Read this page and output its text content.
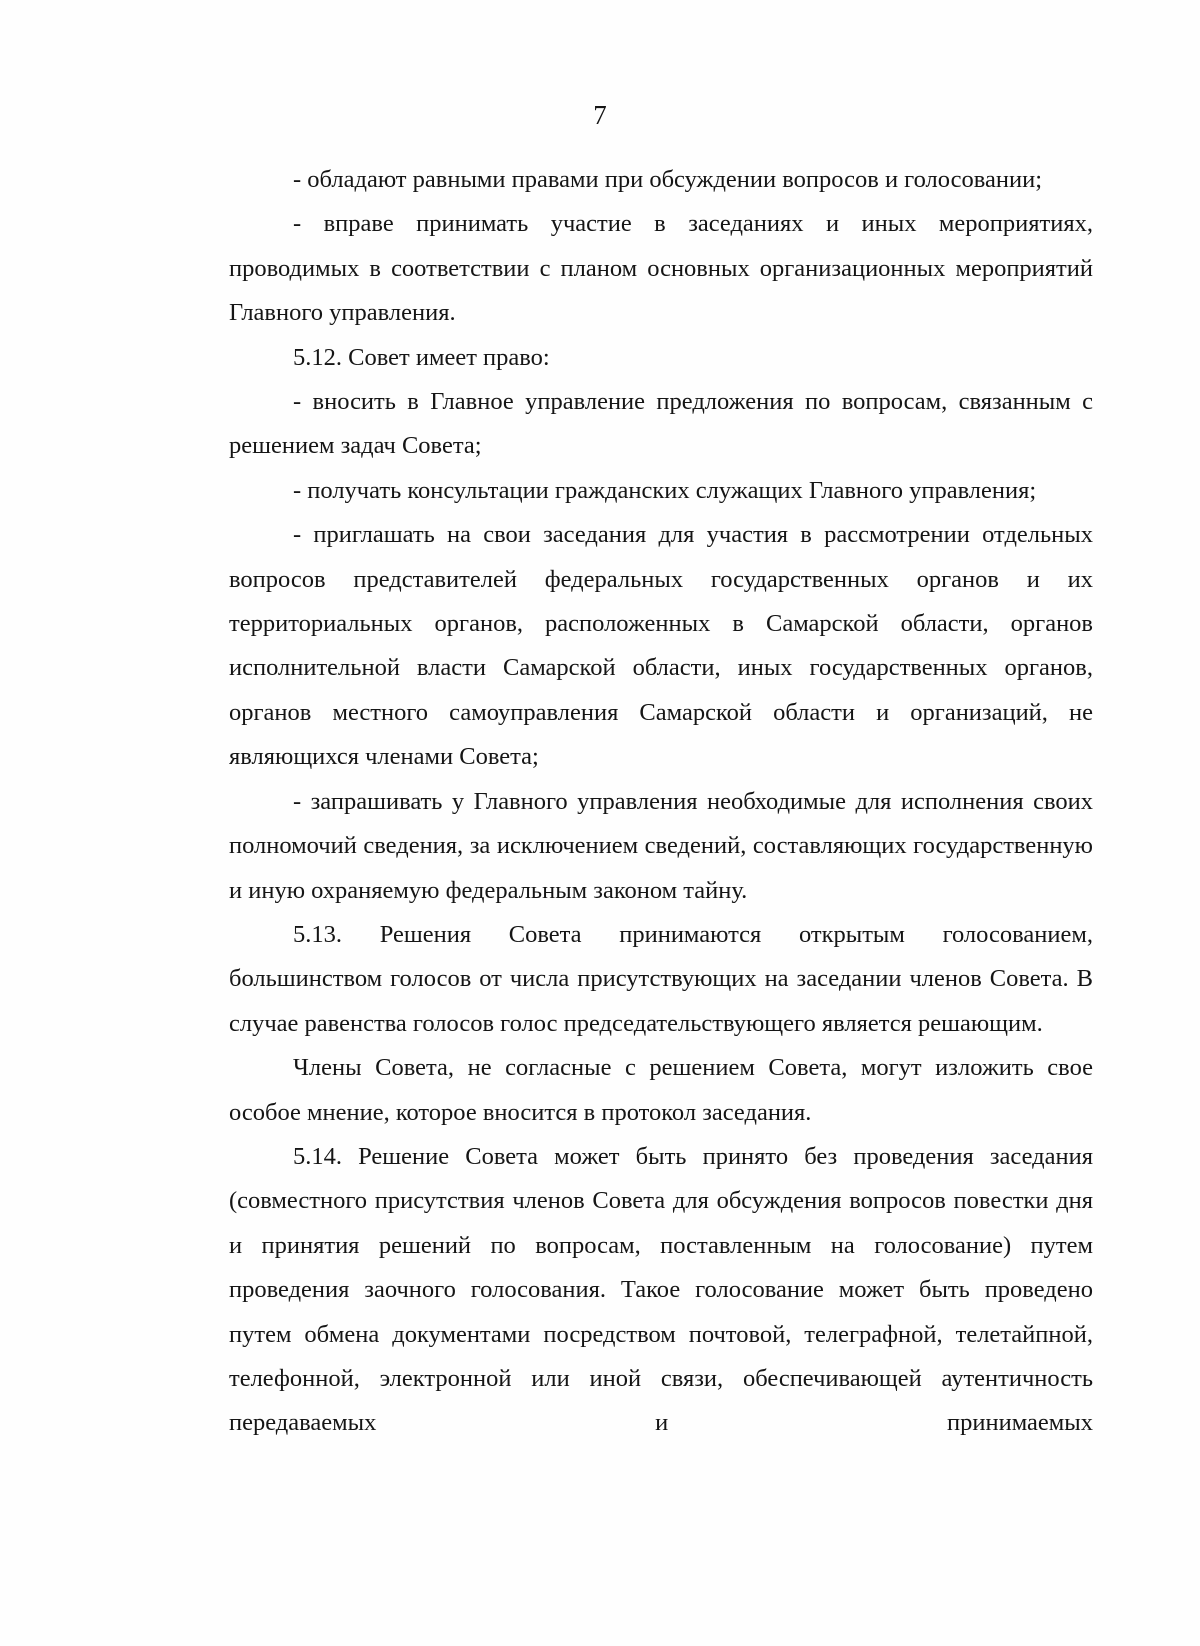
7

- обладают равными правами при обсуждении вопросов и голосовании;

- вправе принимать участие в заседаниях и иных мероприятиях, проводимых в соответствии с планом основных организационных мероприятий Главного управления.

5.12. Совет имеет право:

- вносить в Главное управление предложения по вопросам, связанным с решением задач Совета;

- получать консультации гражданских служащих Главного управления;

- приглашать на свои заседания для участия в рассмотрении отдельных вопросов представителей федеральных государственных органов и их территориальных органов, расположенных в Самарской области, органов исполнительной власти Самарской области, иных государственных органов, органов местного самоуправления Самарской области и организаций, не являющихся членами Совета;

- запрашивать у Главного управления необходимые для исполнения своих полномочий сведения, за исключением сведений, составляющих государственную и иную охраняемую федеральным законом тайну.

5.13. Решения Совета принимаются открытым голосованием, большинством голосов от числа присутствующих на заседании членов Совета. В случае равенства голосов голос председательствующего является решающим.

Члены Совета, не согласные с решением Совета, могут изложить свое особое мнение, которое вносится в протокол заседания.

5.14. Решение Совета может быть принято без проведения заседания (совместного присутствия членов Совета для обсуждения вопросов повестки дня и принятия решений по вопросам, поставленным на голосование) путем проведения заочного голосования. Такое голосование может быть проведено путем обмена документами посредством почтовой, телеграфной, телетайпной, телефонной, электронной или иной связи, обеспечивающей аутентичность передаваемых и принимаемых
